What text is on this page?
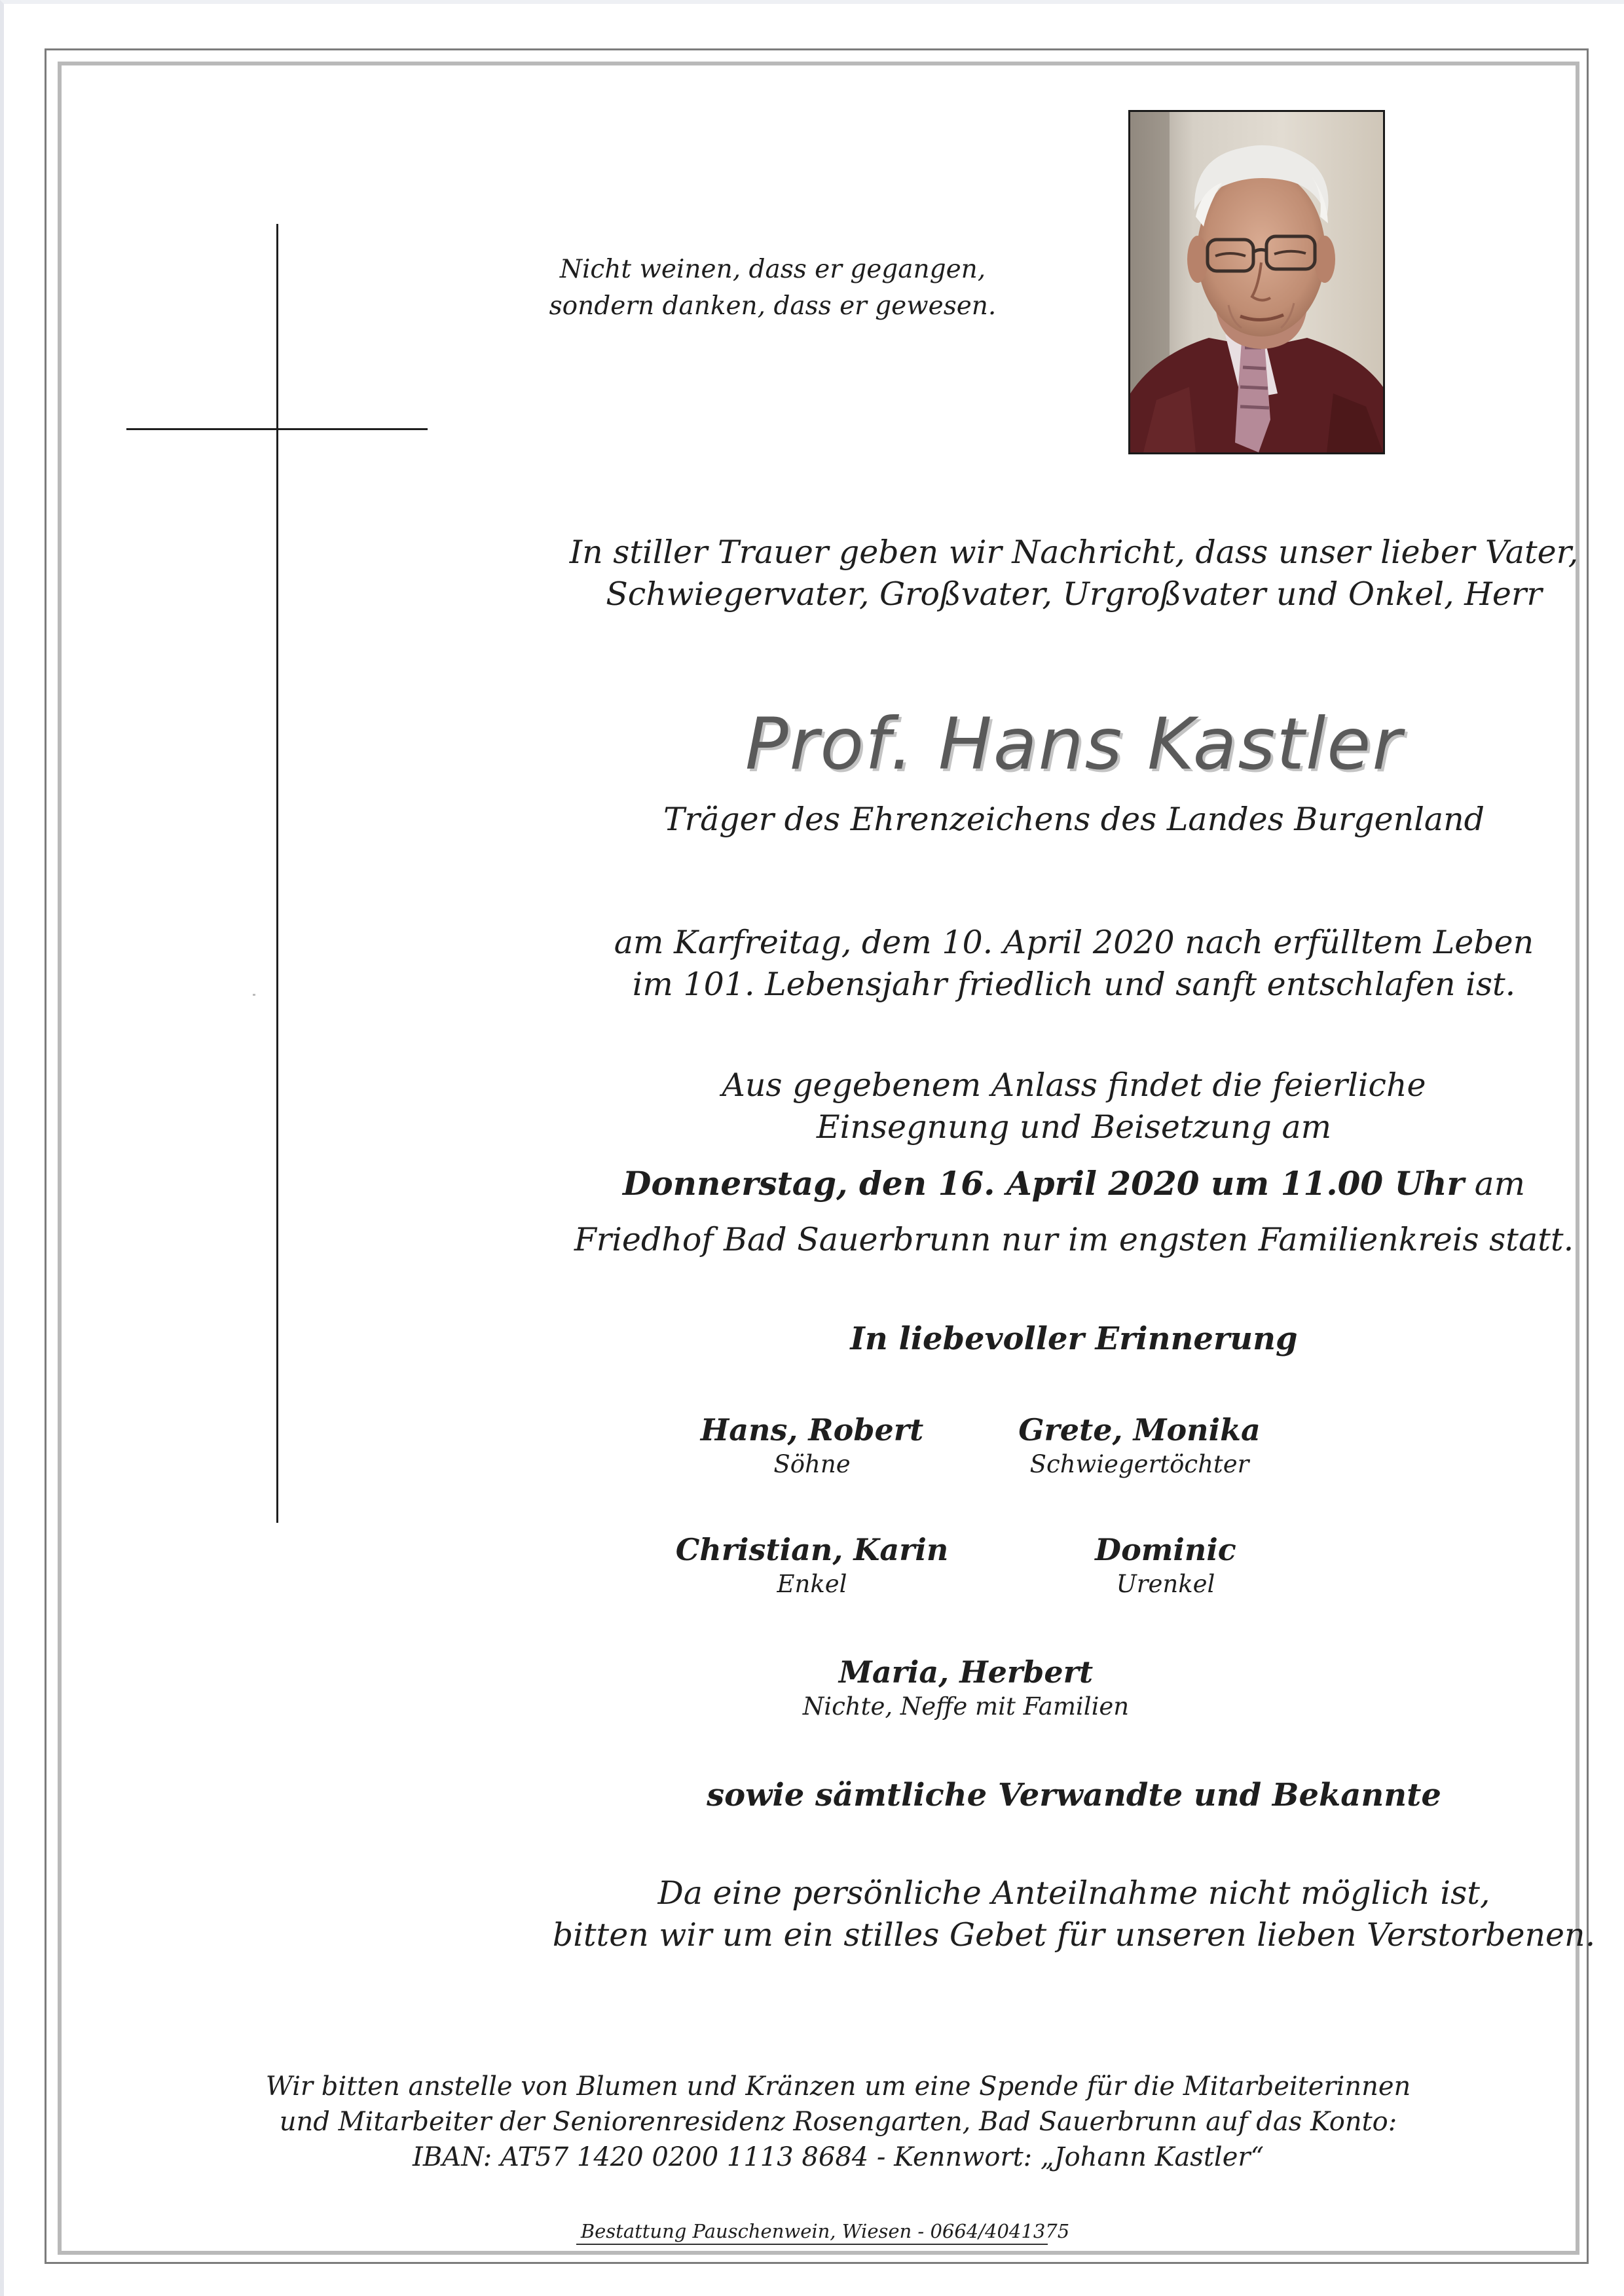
Nicht weinen, dass er gegangen,
sondern danken, dass er gewesen.
In stiller Trauer geben wir Nachricht, dass unser lieber Vater,
Schwiegervater, Großvater, Urgroßvater und Onkel, Herr
Prof. Hans Kastler
Träger des Ehrenzeichens des Landes Burgenland
am Karfreitag, dem 10. April 2020 nach erfülltem Leben
im 101. Lebensjahr friedlich und sanft entschlafen ist.
Aus gegebenem Anlass findet die feierliche
Einsegnung und Beisetzung am
Donnerstag, den 16. April 2020 um 11.00 Uhr am
Friedhof Bad Sauerbrunn nur im engsten Familienkreis statt.
In liebevoller Erinnerung
Hans, Robert
Söhne
Grete, Monika
Schwiegertöchter
Christian, Karin
Enkel
Dominic
Urenkel
Maria, Herbert
Nichte, Neffe mit Familien
sowie sämtliche Verwandte und Bekannte
Da eine persönliche Anteilnahme nicht möglich ist,
bitten wir um ein stilles Gebet für unseren lieben Verstorbenen.
Wir bitten anstelle von Blumen und Kränzen um eine Spende für die Mitarbeiterinnen
und Mitarbeiter der Seniorenresidenz Rosengarten, Bad Sauerbrunn auf das Konto:
IBAN: AT57 1420 0200 1113 8684 - Kennwort: „Johann Kastler“
Bestattung Pauschenwein, Wiesen - 0664/4041375
